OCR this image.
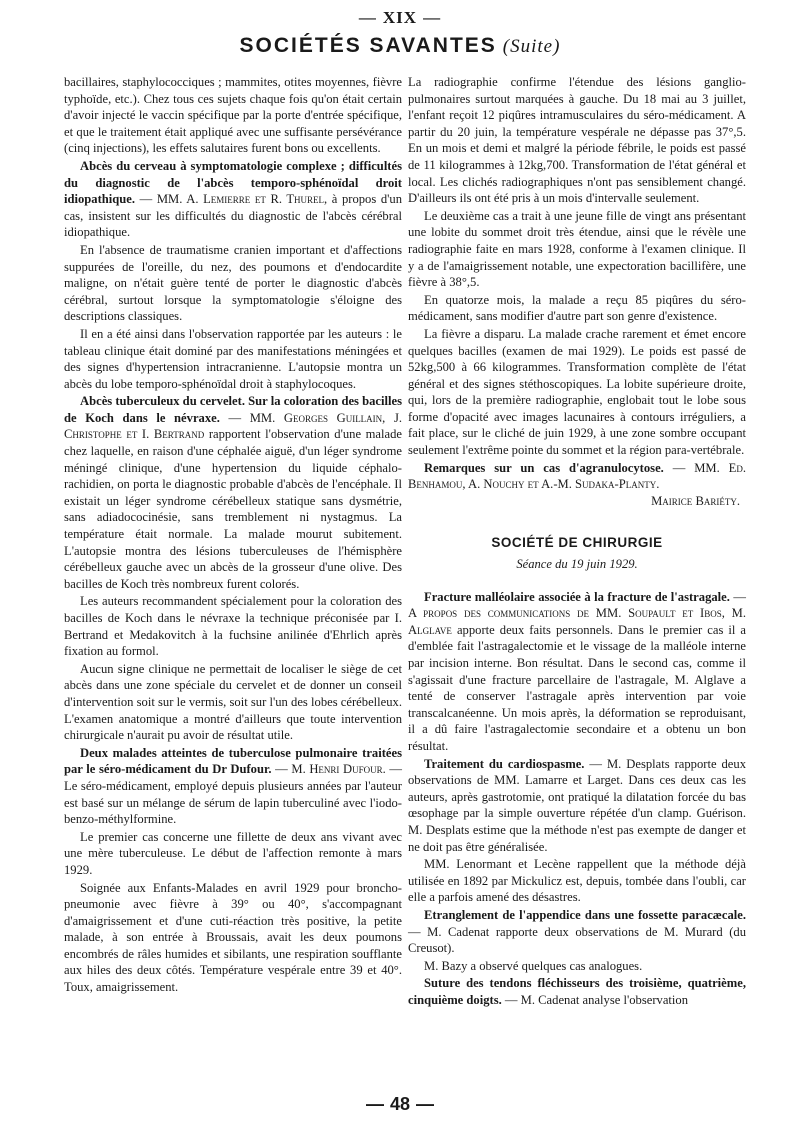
— XIX —
SOCIÉTÉS SAVANTES (Suite)

bacillaires, staphylococciques ; mammites, otites moyennes, fièvre typhoïde, etc.). Chez tous ces sujets chaque fois qu'on était certain d'avoir injecté le vaccin spécifique par la porte d'entrée spécifique, et que le traitement était appliqué avec une suffisante persévérance (cinq injections), les effets salutaires furent bons ou excellents.

Abcès du cerveau à symptomatologie complexe ; difficultés du diagnostic de l'abcès temporo-sphénoïdal droit idiopathique. — MM. A. Lemierre et R. Thurel, à propos d'un cas, insistent sur les difficultés du diagnostic de l'abcès cérébral idiopathique.

En l'absence de traumatisme cranien important et d'affections suppurées de l'oreille, du nez, des poumons et d'endocardite maligne, on n'était guère tenté de porter le diagnostic d'abcès cérébral, surtout lorsque la symptomatologie s'éloigne des descriptions classiques.

Il en a été ainsi dans l'observation rapportée par les auteurs : le tableau clinique était dominé par des manifestations méningées et des signes d'hypertension intracranienne. L'autopsie montra un abcès du lobe temporo-sphénoïdal droit à staphylocoques.

Abcès tuberculeux du cervelet. Sur la coloration des bacilles de Koch dans le névraxe. — MM. Georges Guillain, J. Christophe et I. Bertrand rapportent l'observation d'une malade chez laquelle, en raison d'une céphalée aiguë, d'un léger syndrome méningé clinique, d'une hypertension du liquide céphalo-rachidien, on porta le diagnostic probable d'abcès de l'encéphale. Il existait un léger syndrome cérébelleux statique sans dysmétrie, sans adiadococinésie, sans tremblement ni nystagmus. La température était normale. La malade mourut subitement. L'autopsie montra des lésions tuberculeuses de l'hémisphère cérébelleux gauche avec un abcès de la grosseur d'une olive. Des bacilles de Koch très nombreux furent colorés.

Les auteurs recommandent spécialement pour la coloration des bacilles de Koch dans le névraxe la technique préconisée par I. Bertrand et Medakovitch à la fuchsine anilinée d'Ehrlich après fixation au formol.

Aucun signe clinique ne permettait de localiser le siège de cet abcès dans une zone spéciale du cervelet et de donner un conseil d'intervention soit sur le vermis, soit sur l'un des lobes cérébelleux. L'examen anatomique a montré d'ailleurs que toute intervention chirurgicale n'aurait pu avoir de résultat utile.

Deux malades atteintes de tuberculose pulmonaire traitées par le séro-médicament du Dr Dufour. — M. Henri Dufour. — Le séro-médicament, employé depuis plusieurs années par l'auteur est basé sur un mélange de sérum de lapin tuberculiné avec l'iodo-benzo-méthylformine.

Le premier cas concerne une fillette de deux ans vivant avec une mère tuberculeuse. Le début de l'affection remonte à mars 1929.

Soignée aux Enfants-Malades en avril 1929 pour broncho-pneumonie avec fièvre à 39° ou 40°, s'accompagnant d'amaigrissement et d'une cuti-réaction très positive, la petite malade, à son entrée à Broussais, avait les deux poumons encombrés de râles humides et sibilants, une respiration soufflante aux hiles des deux côtés. Température vespérale entre 39 et 40°. Toux, amaigrissement.

La radiographie confirme l'étendue des lésions ganglio-pulmonaires surtout marquées à gauche. Du 18 mai au 3 juillet, l'enfant reçoit 12 piqûres intramusculaires du séro-médicament. A partir du 20 juin, la température vespérale ne dépasse pas 37°,5. En un mois et demi et malgré la période fébrile, le poids est passé de 11 kilogrammes à 12kg,700. Transformation de l'état général et local. Les clichés radiographiques n'ont pas sensiblement changé. D'ailleurs ils ont été pris à un mois d'intervalle seulement.

Le deuxième cas a trait à une jeune fille de vingt ans présentant une lobite du sommet droit très étendue, ainsi que le révèle une radiographie faite en mars 1928, conforme à l'examen clinique. Il y a de l'amaigrissement notable, une expectoration bacillifère, une fièvre à 38°,5.

En quatorze mois, la malade a reçu 85 piqûres du séro-médicament, sans modifier d'autre part son genre d'existence.

La fièvre a disparu. La malade crache rarement et émet encore quelques bacilles (examen de mai 1929). Le poids est passé de 52kg,500 à 66 kilogrammes. Transformation complète de l'état général et des signes stéthoscopiques. La lobite supérieure droite, qui, lors de la première radiographie, englobait tout le lobe sous forme d'opacité avec images lacunaires à contours irréguliers, a fait place, sur le cliché de juin 1929, à une zone sombre occupant seulement l'extrême pointe du sommet et la région para-vertébrale.

Remarques sur un cas d'agranulocytose. — MM. Ed. Benhamou, A. Nouchy et A.-M. Sudaka-Planty.

Mairice Bariéty.

SOCIÉTÉ DE CHIRURGIE
Séance du 19 juin 1929.

Fracture malléolaire associée à la fracture de l'astragale. — A propos des communications de MM. Soupault et Ibos, M. Alglave apporte deux faits personnels. Dans le premier cas il a d'emblée fait l'astragalectomie et le vissage de la malléole interne par incision interne. Bon résultat. Dans le second cas, comme il s'agissait d'une fracture parcellaire de l'astragale, M. Alglave a tenté de conserver l'astragale après intervention par voie transcalcanéenne. Un mois après, la déformation se reproduisant, il a dû faire l'astragalectomie secondaire et a obtenu un bon résultat.

Traitement du cardiospasme. — M. Desplats rapporte deux observations de MM. Lamarre et Larget. Dans ces deux cas les auteurs, après gastrotomie, ont pratiqué la dilatation forcée du bas œsophage par la simple ouverture répétée d'un clamp. Guérison. M. Desplats estime que la méthode n'est pas exempte de danger et ne doit pas être généralisée.

MM. Lenormant et Lecène rappellent que la méthode déjà utilisée en 1892 par Mickulicz est, depuis, tombée dans l'oubli, car elle a parfois amené des désastres.

Etranglement de l'appendice dans une fossette paracæcale.— M. Cadenat rapporte deux observations de M. Murard (du Creusot).

M. Bazy a observé quelques cas analogues.

Suture des tendons fléchisseurs des troisième, quatrième, cinquième doigts. — M. Cadenat analyse l'observation

— 48 —
